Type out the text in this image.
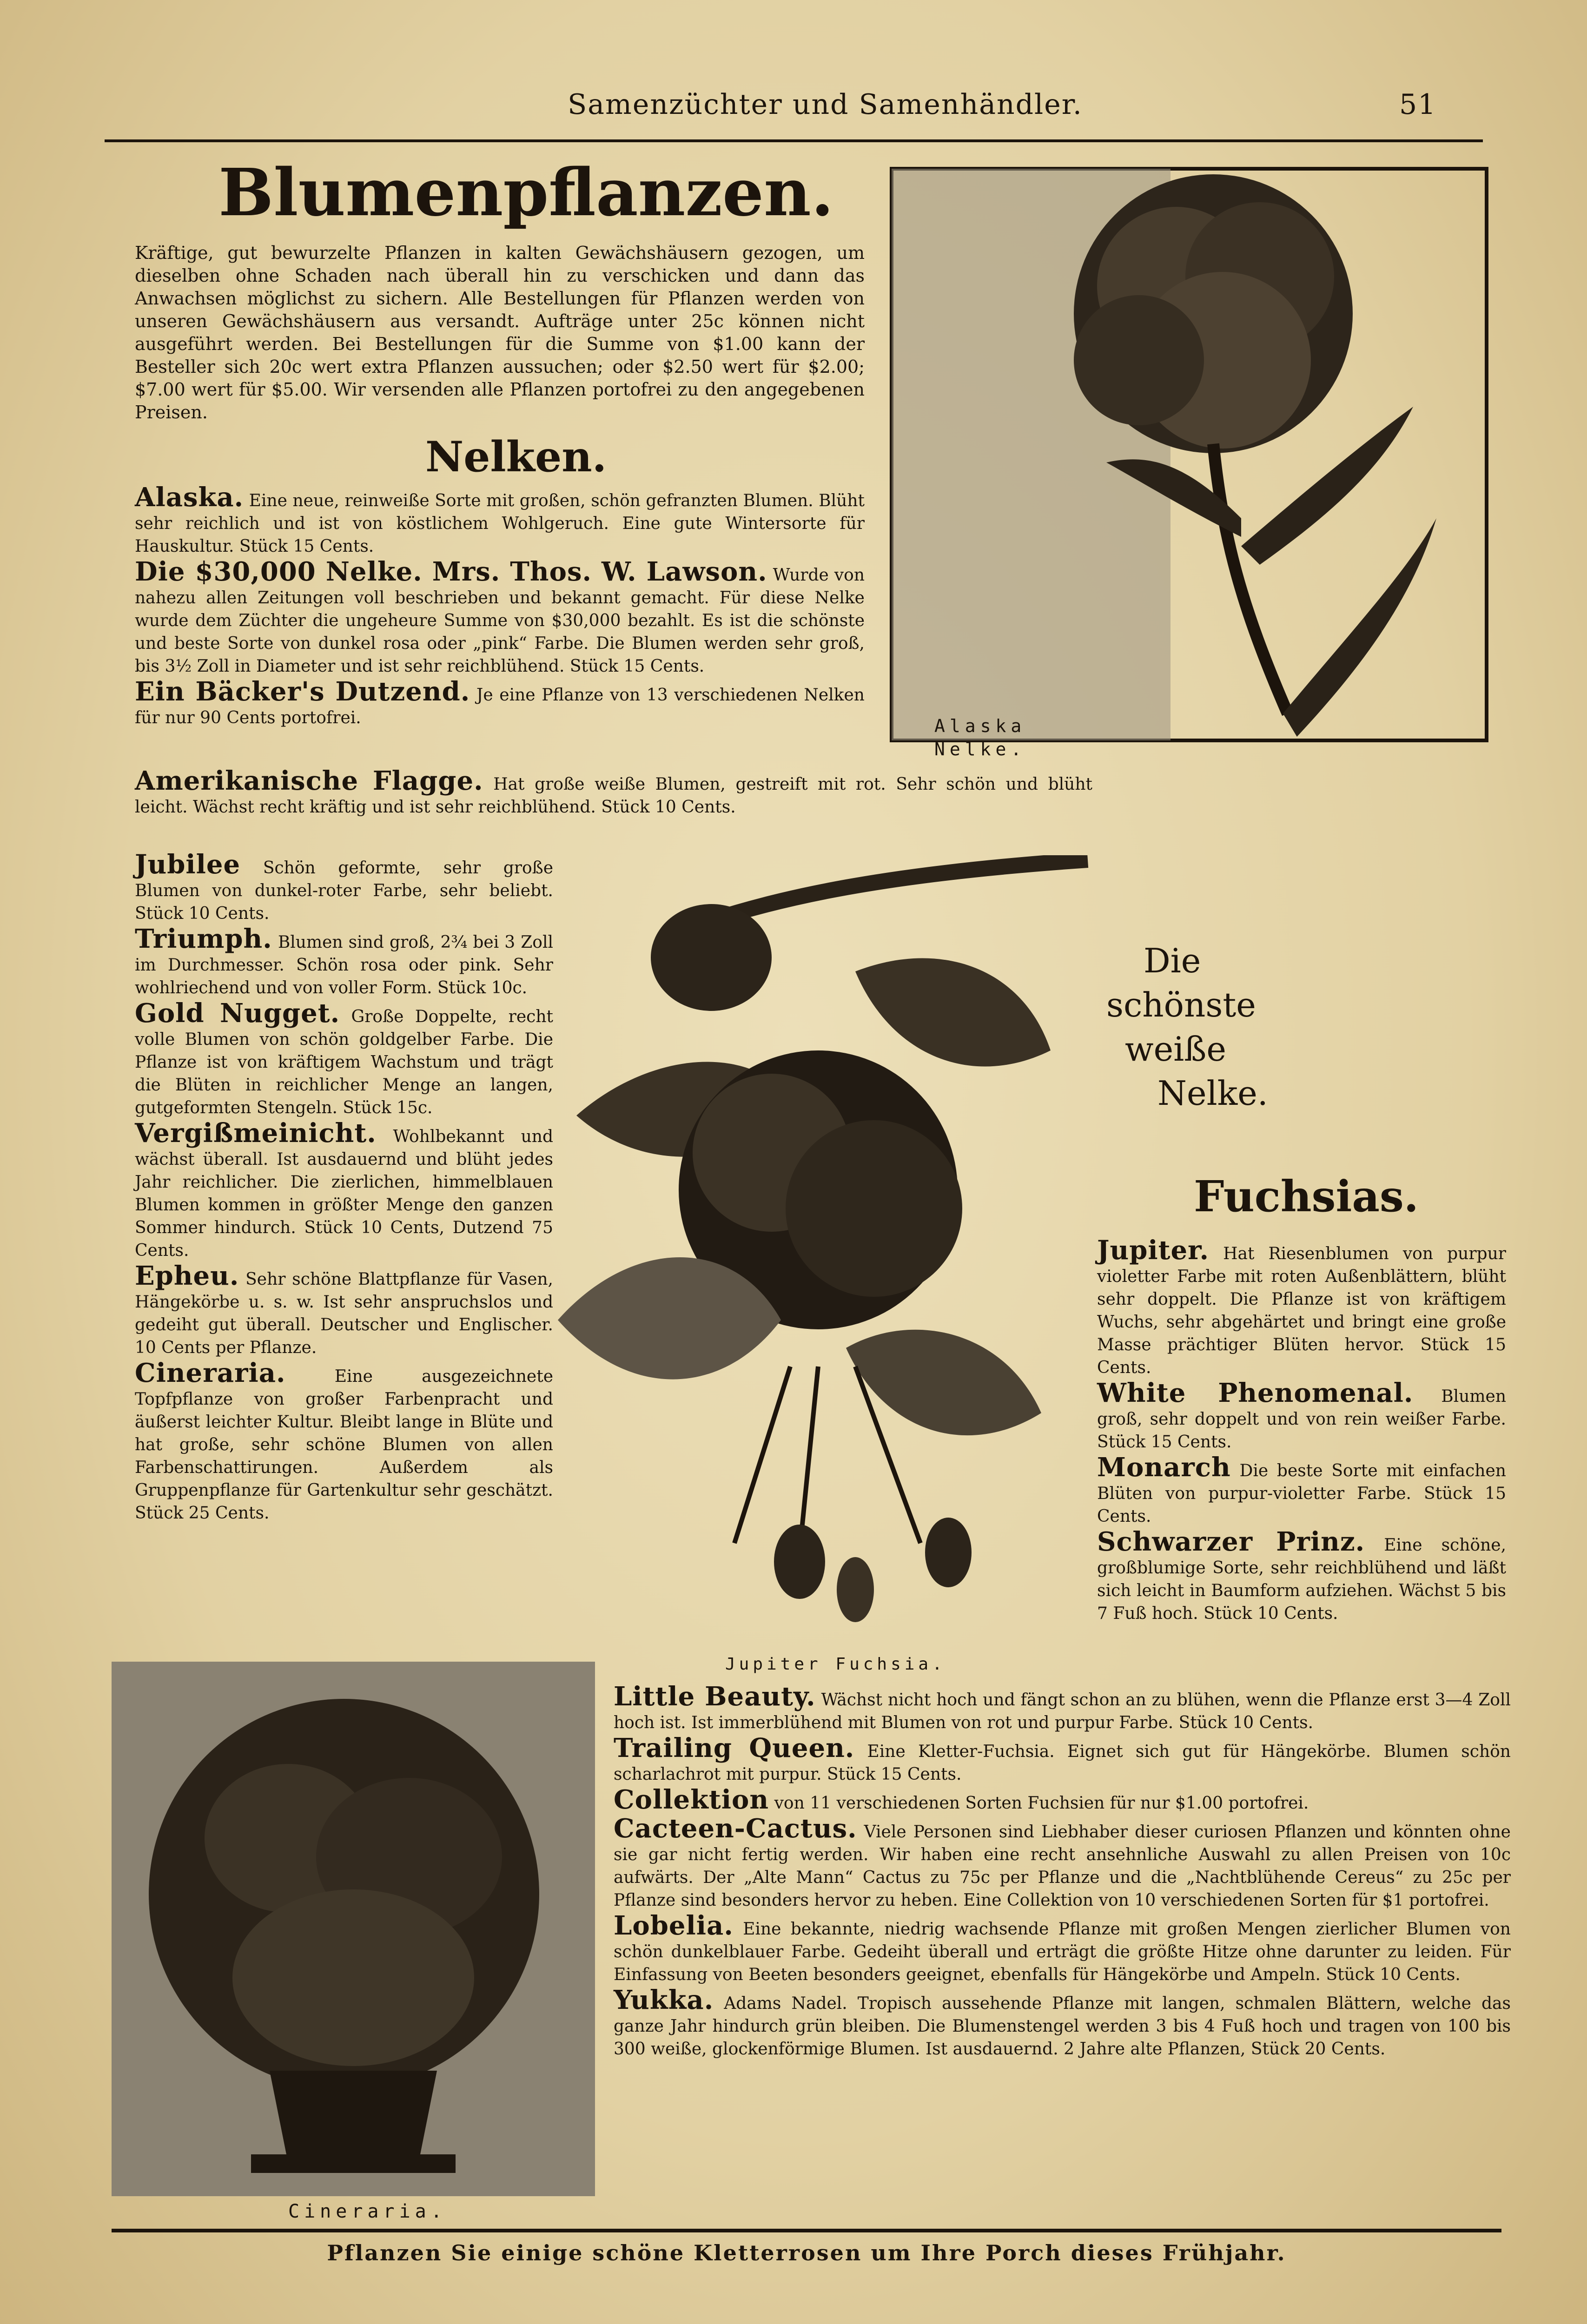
Samenzüchter und Samenhändler.	51
Blumenpflanzen.

Kräftige, gut bewurzelte Pflanzen in kalten Gewächshäusern gezogen, um dieselben ohne Schaden nach überall hin zu verschicken und dann das Anwachsen möglichst zu sichern. Alle Bestellungen für Pflanzen werden von unseren Gewächshäusern aus versandt. Aufträge unter 25c können nicht ausgeführt werden. Bei Bestellungen für die Summe von $1.00 kann der Besteller sich 20c wert extra Pflanzen aussuchen; oder $2.50 wert für $2.00; $7.00 wert für $5.00. Wir versenden alle Pflanzen portofrei zu den angegebenen Preisen.

Nelken.
Alaska
Nelke.
Die
schönste
weiße
Nelke.

Alaska. Eine neue, reinweiße Sorte mit großen, schön gefranzten Blumen. Blüht sehr reichlich und ist von köstlichem Wohlgeruch. Eine gute Wintersorte für Hauskultur. Stück 15 Cents.

Die $30,000 Nelke. Mrs. Thos. W. Lawson. Wurde von nahezu allen Zeitungen voll beschrieben und bekannt gemacht. Für diese Nelke wurde dem Züchter die ungeheure Summe von $30,000 bezahlt. Es ist die schönste und beste Sorte von dunkel rosa oder „pink“ Farbe. Die Blumen werden sehr groß, bis 3½ Zoll in Diameter und ist sehr reichblühend. Stück 15 Cents.

Ein Bäcker's Dutzend. Je eine Pflanze von 13 verschiedenen Nelken für nur 90 Cents portofrei.

Amerikanische Flagge. Hat große weiße Blumen, gestreift mit rot. Sehr schön und blüht leicht. Wächst recht kräftig und ist sehr reichblühend. Stück 10 Cents.

Jubilee Schön geformte, sehr große Blumen von dunkel-roter Farbe, sehr beliebt. Stück 10 Cents.

Triumph. Blumen sind groß, 2¾ bei 3 Zoll im Durchmesser. Schön rosa oder pink. Sehr wohlriechend und von voller Form. Stück 10c.

Gold Nugget. Große Doppelte, recht volle Blumen von schön goldgelber Farbe. Die Pflanze ist von kräftigem Wachstum und trägt die Blüten in reichlicher Menge an langen, gutgeformten Stengeln. Stück 15c.

Vergißmeinicht. Wohlbekannt und wächst überall. Ist ausdauernd und blüht jedes Jahr reichlicher. Die zierlichen, himmelblauen Blumen kommen in größter Menge den ganzen Sommer hindurch. Stück 10 Cents, Dutzend 75 Cents.

Epheu. Sehr schöne Blattpflanze für Vasen, Hängekörbe u. s. w. Ist sehr anspruchslos und gedeiht gut überall. Deutscher und Englischer. 10 Cents per Pflanze.

Cineraria.	Eine ausgezeichnete Topfpflanze von großer Farbenpracht und äußerst leichter Kultur. Bleibt lange in Blüte und hat große, sehr schöne Blumen von allen Farbenschattirungen. Außerdem als Gruppenpflanze für Gartenkultur sehr geschätzt. Stück 25 Cents.

Jupiter Fuchsia.
Fuchsias.

Jupiter. Hat Riesenblumen von purpur violetter Farbe mit roten Außenblättern, blüht sehr doppelt. Die Pflanze ist von kräftigem Wuchs, sehr abgehärtet und bringt eine große Masse prächtiger Blüten hervor. Stück 15 Cents.

White Phenomenal. Blumen groß, sehr doppelt und von rein weißer Farbe. Stück 15 Cents.

Monarch Die beste Sorte mit einfachen Blüten von purpur-violetter Farbe. Stück 15 Cents.

Schwarzer Prinz. Eine schöne, großblumige Sorte, sehr reichblühend und läßt sich leicht in Baumform aufziehen. Wächst 5 bis 7 Fuß hoch. Stück 10 Cents.

Cineraria.

Little Beauty. Wächst nicht hoch und fängt schon an zu blühen, wenn die Pflanze erst 3—4 Zoll hoch ist. Ist immerblühend mit Blumen von rot und purpur Farbe. Stück 10 Cents.

Trailing Queen. Eine Kletter-Fuchsia. Eignet sich gut für Hängekörbe. Blumen schön scharlachrot mit purpur. Stück 15 Cents.

Collektion von 11 verschiedenen Sorten Fuchsien für nur $1.00 portofrei.

Cacteen-Cactus. Viele Personen sind Liebhaber dieser curiosen Pflanzen und könnten ohne sie gar nicht fertig werden. Wir haben eine recht ansehnliche Auswahl zu allen Preisen von 10c aufwärts. Der „Alte Mann“ Cactus zu 75c per Pflanze und die „Nachtblühende Cereus“ zu 25c per Pflanze sind besonders hervor zu heben. Eine Collektion von 10 verschiedenen Sorten für $1 portofrei.

Lobelia. Eine bekannte, niedrig wachsende Pflanze mit großen Mengen zierlicher Blumen von schön dunkelblauer Farbe. Gedeiht überall und erträgt die größte Hitze ohne darunter zu leiden. Für Einfassung von Beeten besonders geeignet, ebenfalls für Hängekörbe und Ampeln. Stück 10 Cents.

Yukka. Adams Nadel. Tropisch aussehende Pflanze mit langen, schmalen Blättern, welche das ganze Jahr hindurch grün bleiben. Die Blumenstengel werden 3 bis 4 Fuß hoch und tragen von 100 bis 300 weiße, glockenförmige Blumen. Ist ausdauernd. 2 Jahre alte Pflanzen, Stück 20 Cents.

Pflanzen Sie einige schöne Kletterrosen um Ihre Porch dieses Frühjahr.
